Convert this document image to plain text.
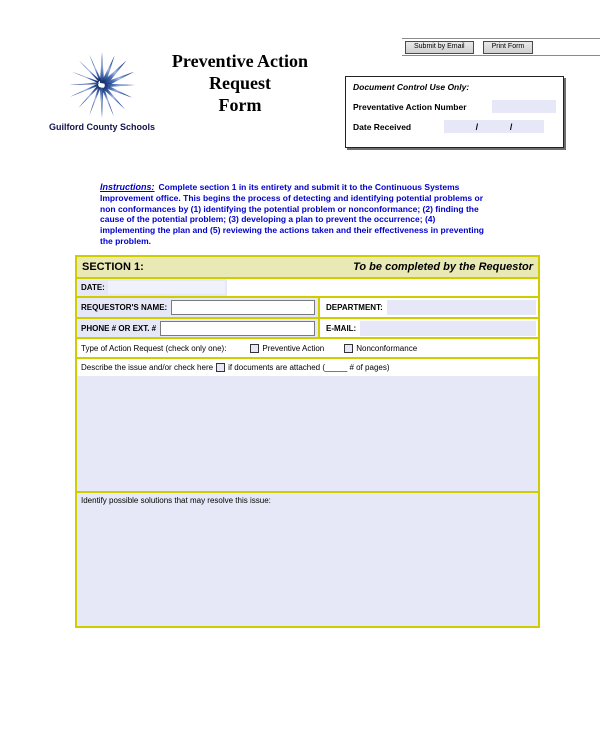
Submit by Email	Print Form
Guilford County Schools
Preventive Action
Request
Form
Document Control Use Only:
Preventative Action Number
Date Received	/	/

Instructions: Complete section 1 in its entirety and submit it to the Continuous Systems Improvement office. This begins the process of detecting and identifying potential problems or non conformances by (1) identifying the potential problem or nonconformance; (2) finding the cause of the potential problem; (3) developing a plan to prevent the occurrence; (4) implementing the plan and (5) reviewing the actions taken and their effectiveness in preventing the problem.

SECTION 1:	To be completed by the Requestor
DATE:
REQUESTOR'S NAME:	DEPARTMENT:
PHONE # OR EXT. #	E-MAIL:
Type of Action Request (check only one):	Preventive Action	Nonconformance
Describe the issue and/or check here if documents are attached (_____ # of pages)
Identify possible solutions that may resolve this issue:
